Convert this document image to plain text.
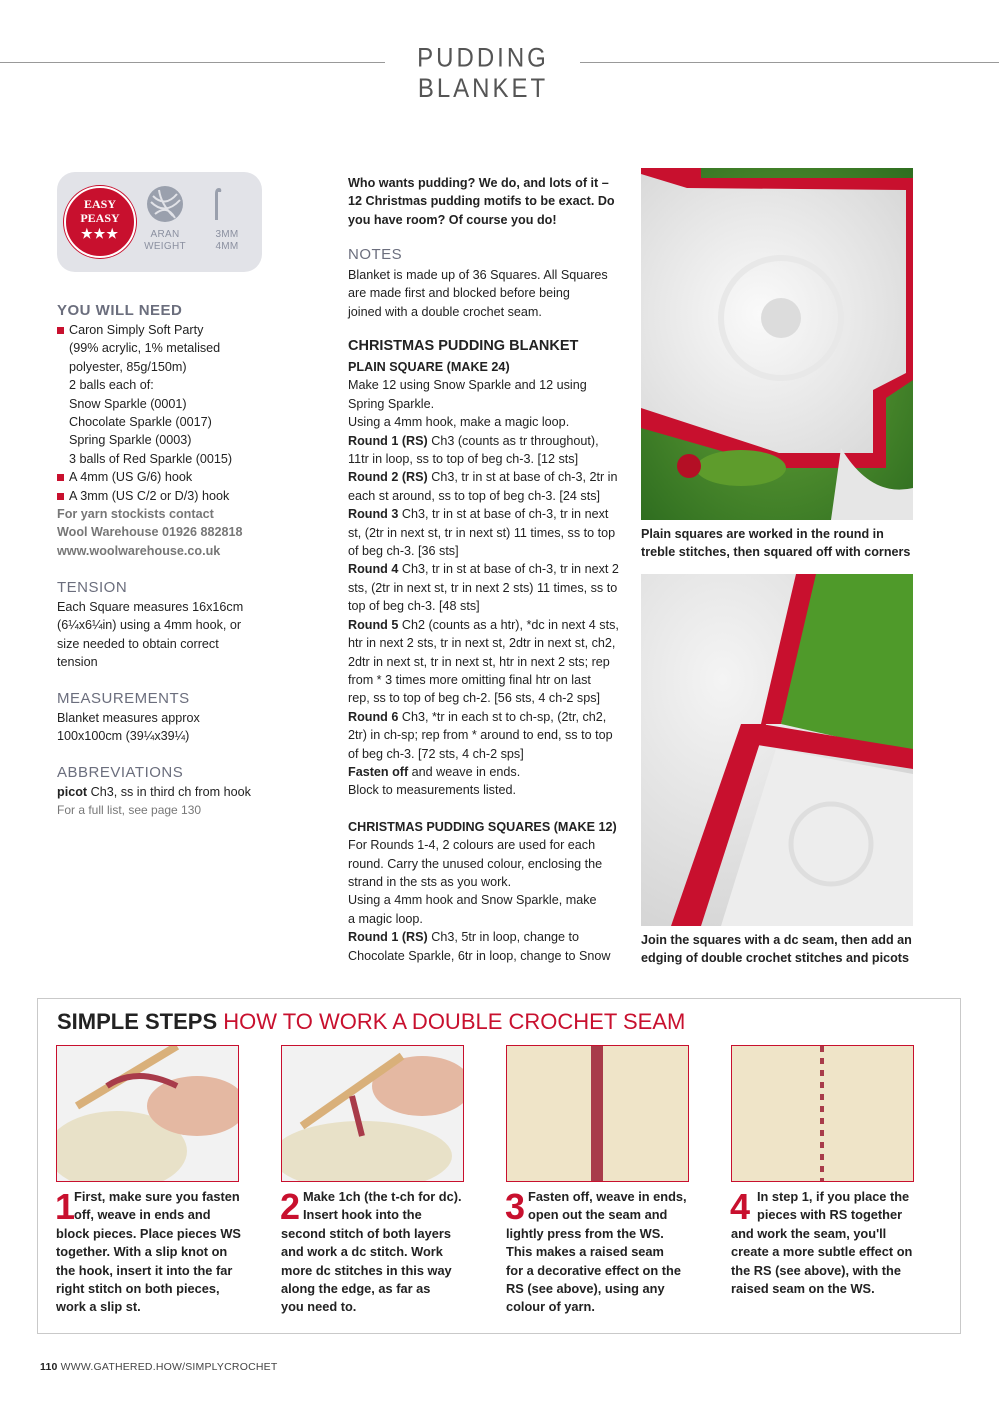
PUDDING BLANKET
EASY
PEASY
★★★	ARAN
WEIGHT
3MM
4MM
YOU WILL NEED
Caron Simply Soft Party
(99% acrylic, 1% metalised
polyester, 85g/150m)
2 balls each of:
Snow Sparkle (0001)
Chocolate Sparkle (0017)
Spring Sparkle (0003)
3 balls of Red Sparkle (0015)
A 4mm (US G/6) hook
A 3mm (US C/2 or D/3) hook
For yarn stockists contact
Wool Warehouse 01926 882818
www.woolwarehouse.co.uk
TENSION
Each Square measures 16x16cm
(6¼x6¼in) using a 4mm hook, or
size needed to obtain correct
tension
MEASUREMENTS
Blanket measures approx
100x100cm (39¼x39¼)
ABBREVIATIONS
picot Ch3, ss in third ch from hook
For a full list, see page 130
Who wants pudding? We do, and lots of it –
12 Christmas pudding motifs to be exact. Do
you have room? Of course you do!
NOTES
Blanket is made up of 36 Squares. All Squares
are made first and blocked before being
joined with a double crochet seam.
CHRISTMAS PUDDING BLANKET
PLAIN SQUARE (MAKE 24)
Make 12 using Snow Sparkle and 12 using
Spring Sparkle.
Using a 4mm hook, make a magic loop.
Round 1 (RS) Ch3 (counts as tr throughout),
11tr in loop, ss to top of beg ch-3. [12 sts]
Round 2 (RS) Ch3, tr in st at base of ch-3, 2tr in
each st around, ss to top of beg ch-3. [24 sts]
Round 3 Ch3, tr in st at base of ch-3, tr in next
st, (2tr in next st, tr in next st) 11 times, ss to top
of beg ch-3. [36 sts]
Round 4 Ch3, tr in st at base of ch-3, tr in next 2
sts, (2tr in next st, tr in next 2 sts) 11 times, ss to
top of beg ch-3. [48 sts]
Round 5 Ch2 (counts as a htr), *dc in next 4 sts,
htr in next 2 sts, tr in next st, 2dtr in next st, ch2,
2dtr in next st, tr in next st, htr in next 2 sts; rep
from * 3 times more omitting final htr on last
rep, ss to top of beg ch-2. [56 sts, 4 ch-2 sps]
Round 6 Ch3, *tr in each st to ch-sp, (2tr, ch2,
2tr) in ch-sp; rep from * around to end, ss to top
of beg ch-3. [72 sts, 4 ch-2 sps]
Fasten off and weave in ends.
Block to measurements listed.
CHRISTMAS PUDDING SQUARES (MAKE 12)
For Rounds 1-4, 2 colours are used for each
round. Carry the unused colour, enclosing the
strand in the sts as you work.
Using a 4mm hook and Snow Sparkle, make
a magic loop.
Round 1 (RS) Ch3, 5tr in loop, change to
Chocolate Sparkle, 6tr in loop, change to Snow
Plain squares are worked in the round in
treble stitches, then squared off with corners
Join the squares with a dc seam, then add an
edging of double crochet stitches and picots
SIMPLE STEPS HOW TO WORK A DOUBLE CROCHET SEAM
1
First, make sure you fasten
off, weave in ends and
block pieces. Place pieces WS
together. With a slip knot on
the hook, insert it into the far
right stitch on both pieces,
work a slip st.
2 Make 1ch (the t-ch for dc).
Insert hook into the
second stitch of both layers
and work a dc stitch. Work
more dc stitches in this way
along the edge, as far as
you need to.
3 Fasten off, weave in ends,
open out the seam and
lightly press from the WS.
This makes a raised seam
for a decorative effect on the
RS (see above), using any
colour of yarn.
4 In step 1, if you place the
pieces with RS together
and work the seam, you'll
create a more subtle effect on
the RS (see above), with the
raised seam on the WS.
110 WWW.GATHERED.HOW/SIMPLYCROCHET
